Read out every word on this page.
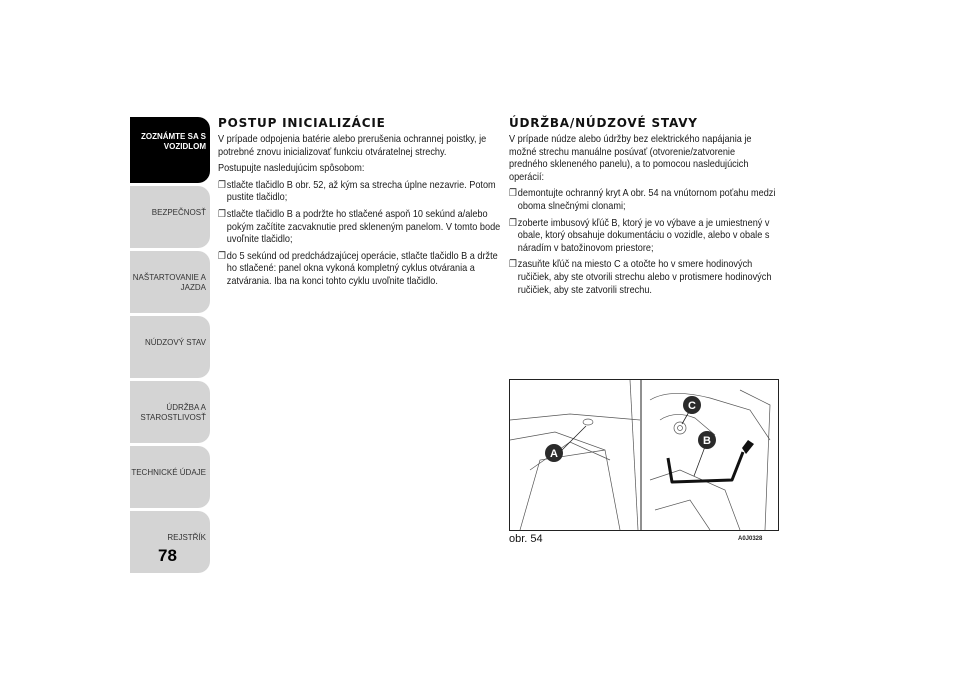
ZOZNÁMTE SA S
VOZIDLOM
BEZPEČNOSŤ
NAŠTARTOVANIE A
JAZDA
NÚDZOVÝ STAV
ÚDRŽBA A
STAROSTLIVOSŤ
TECHNICKÉ ÚDAJE
REJSTŘÍK
78
POSTUP INICIALIZÁCIE

V prípade odpojenia batérie alebo prerušenia ochrannej poistky, je potrebné znovu inicializovať funkciu otváratelnej strechy.

Postupujte nasledujúcim spôsobom:

❐ stlačte tlačidlo B obr. 52, až kým sa strecha úplne nezavrie. Potom pustite tlačidlo;
❐ stlačte tlačidlo B a podržte ho stlačené aspoň 10 sekúnd a/alebo pokým začítite zacvaknutie pred skleneným panelom. V tomto bode uvoľnite tlačidlo;
❐ do 5 sekúnd od predchádzajúcej operácie, stlačte tlačidlo B a držte ho stlačené: panel okna vykoná kompletný cyklus otvárania a zatvárania. Iba na konci tohto cyklu uvoľnite tlačidlo.
ÚDRŽBA/NÚDZOVÉ STAVY

V prípade núdze alebo údržby bez elektrického napájania je možné strechu manuálne posúvať (otvorenie/zatvorenie predného skleneného panelu), a to pomocou nasledujúcich operácií:

❐ demontujte ochranný kryt A obr. 54 na vnútornom poťahu medzi oboma slnečnými clonami;
❐ zoberte imbusový kľúč B, ktorý je vo výbave a je umiestnený v obale, ktorý obsahuje dokumentáciu o vozidle, alebo v obale s náradím v batožinovom priestore;
❐ zasuňte kľúč na miesto C a otočte ho v smere hodinových ručičiek, aby ste otvorili strechu alebo v protismere hodinových ručičiek, aby ste zatvorili strechu.
A
C
B
obr. 54	A0J0328
